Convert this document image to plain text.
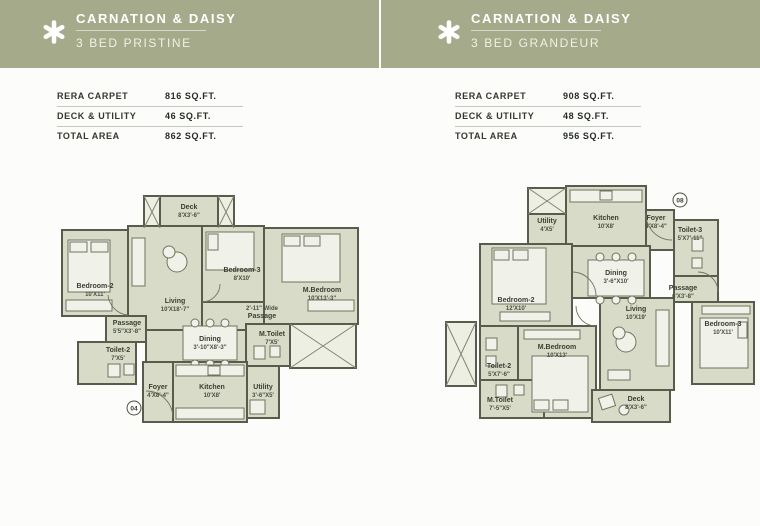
CARNATION & DAISY
3 BED PRISTINE
CARNATION & DAISY
3 BED GRANDEUR
RERA CARPET	816 SQ.FT.
DECK & UTILITY	46 SQ.FT.
TOTAL AREA	862 SQ.FT.
RERA CARPET	908 SQ.FT.
DECK & UTILITY	48 SQ.FT.
TOTAL AREA	956 SQ.FT.
04
Deck
8'X3'-6"
Bedroom-2
10'X11'
Living
10'X18'-7"
Bedroom-3
8'X10'
M.Bedroom
10'X13'-3"
2'-11" Wide
Passage
Passage
5'5"X3'-8"
Toilet-2
7'X5'
Dining
3'-10"X8'-3"
M.Toilet
7'X5'
Foyer
4'X8'-4"
Kitchen
10'X8'
Utility
3'-6"X5'
08
Utility
4'X5'
Kitchen
10'X8'
Foyer
4'X8'-4" Toilet-3
5'X7'-11"
Bedroom-2
12'X10'
Dining
3'-6"X10'
Passage
6'X3'-8"
Living
10'X19'
Bedroom-3
10'X11'
Toilet-2
5'X7'-6"
M.Bedroom
10'X13'
M.Toilet
7'-5"X5'
Deck
8'X3'-6"
